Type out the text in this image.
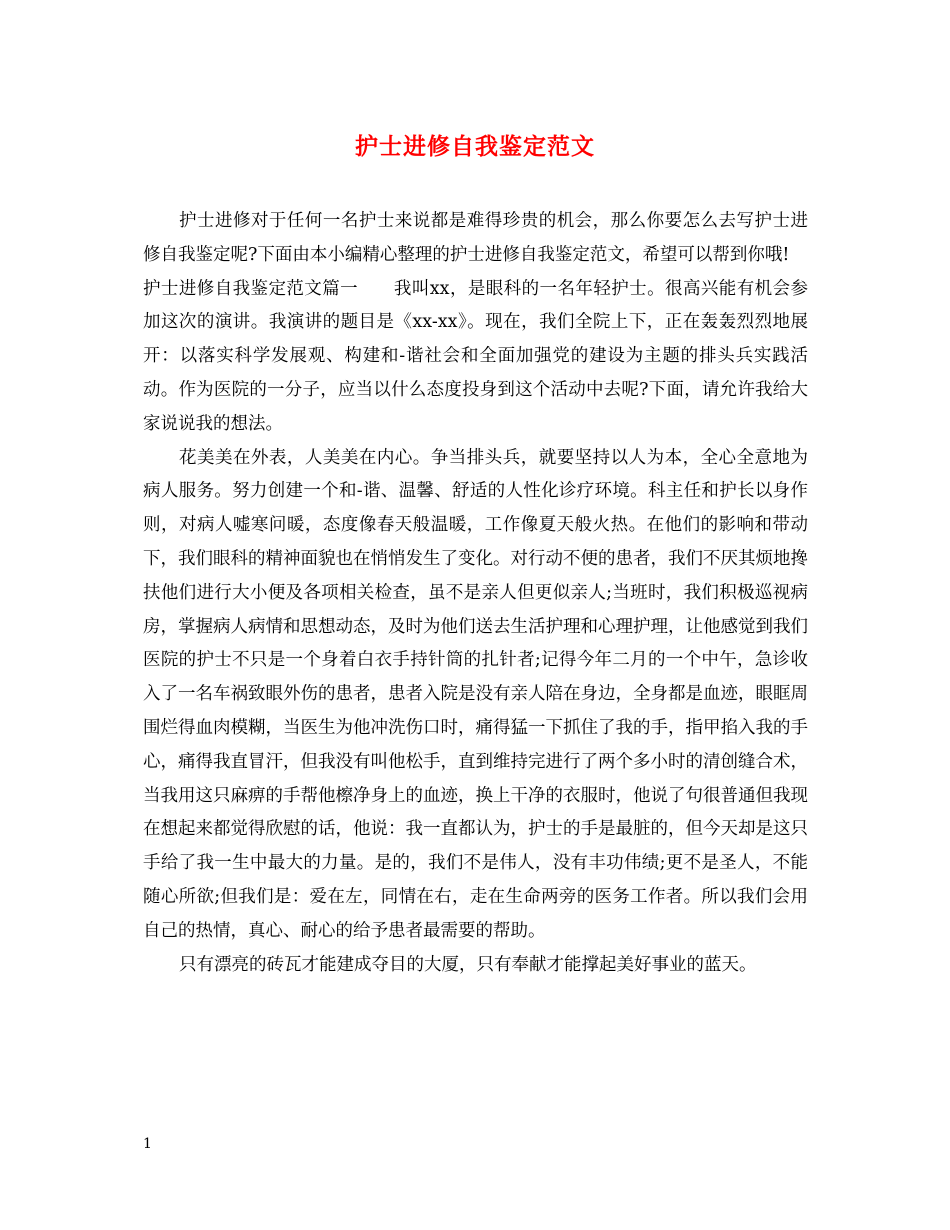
护士进修自我鉴定范文

护士进修对于任何一名护士来说都是难得珍贵的机会，那么你要怎么去写护士进修自我鉴定呢?下面由本小编精心整理的护士进修自我鉴定范文，希望可以帮到你哦!

护士进修自我鉴定范文篇一　　我叫xx，是眼科的一名年轻护士。很高兴能有机会参加这次的演讲。我演讲的题目是《xx-xx》。现在，我们全院上下，正在轰轰烈烈地展开：以落实科学发展观、构建和-谐社会和全面加强党的建设为主题的排头兵实践活动。作为医院的一分子，应当以什么态度投身到这个活动中去呢?下面，请允许我给大家说说我的想法。

花美美在外表，人美美在内心。争当排头兵，就要坚持以人为本，全心全意地为病人服务。努力创建一个和-谐、温馨、舒适的人性化诊疗环境。科主任和护长以身作则，对病人嘘寒问暖，态度像春天般温暖，工作像夏天般火热。在他们的影响和带动下，我们眼科的精神面貌也在悄悄发生了变化。对行动不便的患者，我们不厌其烦地搀扶他们进行大小便及各项相关检查，虽不是亲人但更似亲人;当班时，我们积极巡视病房，掌握病人病情和思想动态，及时为他们送去生活护理和心理护理，让他感觉到我们医院的护士不只是一个身着白衣手持针筒的扎针者;记得今年二月的一个中午，急诊收入了一名车祸致眼外伤的患者，患者入院是没有亲人陪在身边，全身都是血迹，眼眶周围烂得血肉模糊，当医生为他冲洗伤口时，痛得猛一下抓住了我的手，指甲掐入我的手心，痛得我直冒汗，但我没有叫他松手，直到维持完进行了两个多小时的清创缝合术，当我用这只麻痹的手帮他檫净身上的血迹，换上干净的衣服时，他说了句很普通但我现在想起来都觉得欣慰的话，他说：我一直都认为，护士的手是最脏的，但今天却是这只手给了我一生中最大的力量。是的，我们不是伟人，没有丰功伟绩;更不是圣人，不能随心所欲;但我们是：爱在左，同情在右，走在生命两旁的医务工作者。所以我们会用自己的热情，真心、耐心的给予患者最需要的帮助。

只有漂亮的砖瓦才能建成夺目的大厦，只有奉献才能撑起美好事业的蓝天。

1
